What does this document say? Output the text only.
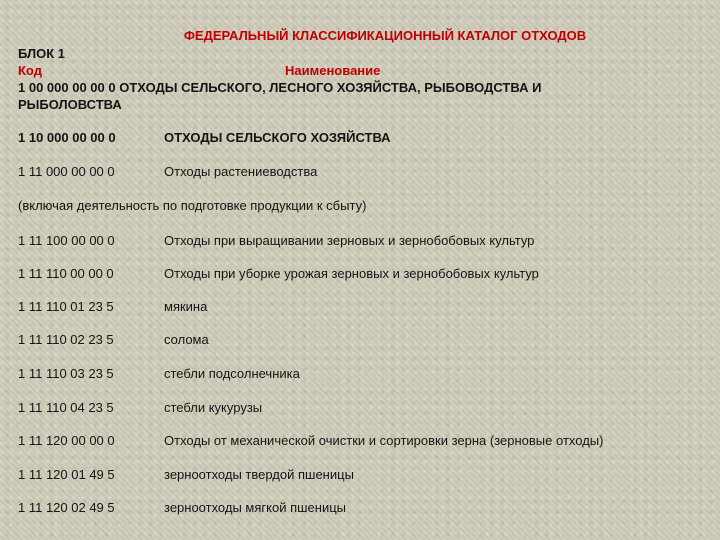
ФЕДЕРАЛЬНЫЙ КЛАССИФИКАЦИОННЫЙ КАТАЛОГ ОТХОДОВ
БЛОК 1
Код	Наименование
1 00 000 00 00 0 ОТХОДЫ СЕЛЬСКОГО, ЛЕСНОГО ХОЗЯЙСТВА, РЫБОВОДСТВА И РЫБОЛОВСТВА
1 10 000 00 00 0	ОТХОДЫ СЕЛЬСКОГО ХОЗЯЙСТВА
1 11 000 00 00 0	Отходы растениеводства
(включая деятельность по подготовке продукции к сбыту)
1 11 100 00 00 0	Отходы при выращивании зерновых и зернобобовых культур
1 11 110 00 00 0	Отходы при уборке урожая зерновых и зернобобовых культур
1 11 110 01 23 5	мякина
1 11 110 02 23 5	солома
1 11 110 03 23 5	стебли подсолнечника
1 11 110 04 23 5	стебли кукурузы
1 11 120 00 00 0	Отходы от механической очистки и сортировки зерна (зерновые отходы)
1 11 120 01 49 5	зерноотходы твердой пшеницы
1 11 120 02 49 5	зерноотходы мягкой пшеницы
